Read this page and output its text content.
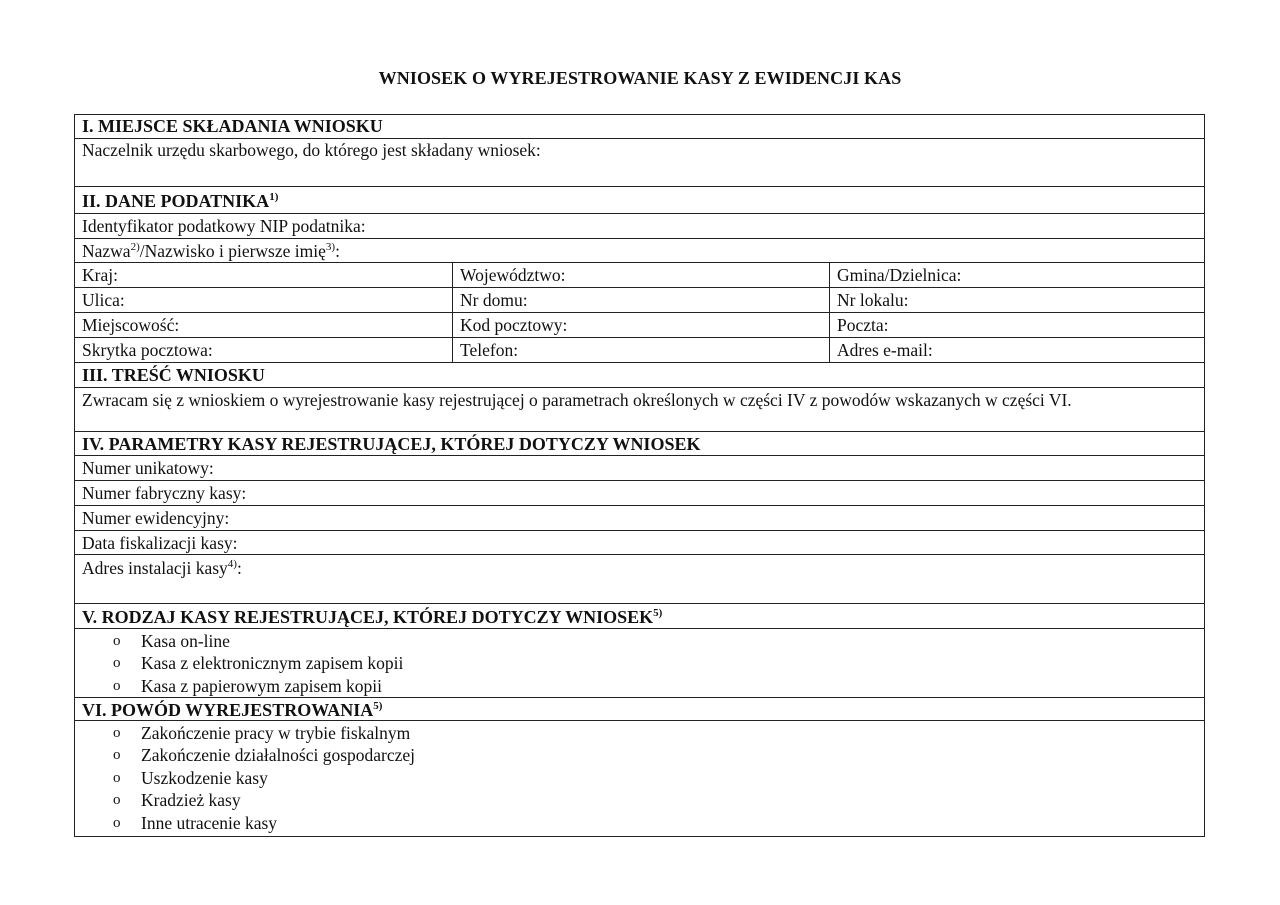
WNIOSEK O WYREJESTROWANIE KASY Z EWIDENCJI KAS
I. MIEJSCE SKŁADANIA WNIOSKU
Naczelnik urzędu skarbowego, do którego jest składany wniosek:
II. DANE PODATNIKA$^{1)}$
Identyfikator podatkowy NIP podatnika:
Nazwa$^{2)}$/Nazwisko i pierwsze imię$^{3)}$:
Kraj:	Województwo:	Gmina/Dzielnica:
Ulica:	Nr domu:	Nr lokalu:
Miejscowość:	Kod pocztowy:	Poczta:
Skrytka pocztowa:	Telefon:	Adres e-mail:
III. TREŚĆ WNIOSKU
Zwracam się z wnioskiem o wyrejestrowanie kasy rejestrującej o parametrach określonych w części IV z powodów wskazanych w części VI.
IV. PARAMETRY KASY REJESTRUJĄCEJ, KTÓREJ DOTYCZY WNIOSEK
Numer unikatowy:
Numer fabryczny kasy:
Numer ewidencyjny:
Data fiskalizacji kasy:
Adres instalacji kasy$^{4)}$:
V. RODZAJ KASY REJESTRUJĄCEJ, KTÓREJ DOTYCZY WNIOSEK$^{5)}$
o	Kasa on-line
o	Kasa z elektronicznym zapisem kopii
o	Kasa z papierowym zapisem kopii
VI. POWÓD WYREJESTROWANIA$^{5)}$
o	Zakończenie pracy w trybie fiskalnym
o	Zakończenie działalności gospodarczej
o	Uszkodzenie kasy
o	Kradzież kasy
o	Inne utracenie kasy
